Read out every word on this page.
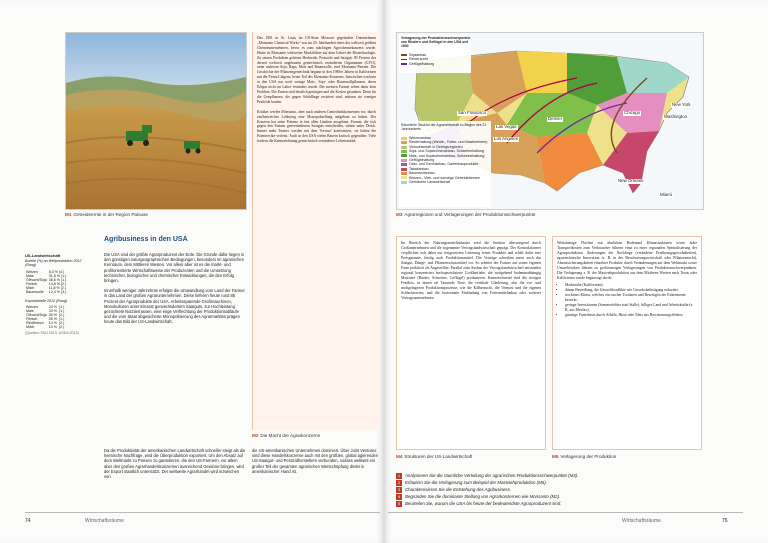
M1 Getreideernte in der Region Palouse
Agribusiness in den USA
US-Landwirtschaft
Anteile (%) an Weltproduktion 2012 (Rang)
Weizen	8,3 % (4.)
Mais	31,8 % (1.)
Ölfrucht/Soja	38,6 % (1.)
Fleisch	14,8 % (2.)
Milch	11,8 % (2.)
Baumwolle	12,4 % (3.)
Exportanteile 2012 (Rang)
Weizen	24 %	(1.)
Mais	33 %	(1.)
Ölfrucht/Soja	30 %	(2.)
Fleisch	26 %	(1.)
Rindfleisch	14 %	(2.)
Milch	10 %	(2.)
(Quellen: FAO 2013, USDA 2013)

Die USA sind der größte Agrarproduzent der Erde. Die Gründe dafür liegen in den günstigen naturgeographischen Bedingungen, besonders im agrarischen Kernraum, dem Mittleren Westen. Vor allem aber ist es die markt- und profitorientierte Wirtschaftsweise der Produzenten und die Umsetzung technischer, biologischer und chemischer Entwicklungen, die den Erfolg bringen.

Innerhalb weniger Jahrzehnte erfolgte die Umwandlung vom Land der Farmer in das Land der großen Agrarunternehmen. Diese lieferen heute rund 85 Prozent der Agrarprodukte der USA. Arbeitssparende Großmaschinen, Monokulturen unter Einsatz genverändertem Saatguts, zur Hochleistung gezüchtete Nutztierrassen, eine enge Verflechtung der Produktionsabläufe und die vom Staat abgesicherte Monopolisierung des Agrarmarktes prägen heute das Bild der US-Landwirtschaft.

Da die Produktivität der amerikanischen Landwirtschaft schneller steigt als die heimische Nachfrage, wird die Überproduktion exportiert. Um den Absatz auf dem Weltmarkt zu Preisen zu garantieren, die den US-Farmern, vor allem aber den großen Agrarhandelskonzernen ausreichend Gewinne bringen, wird der Export staatlich unterstützt. Der weltweite Agrarhandel wird inzwischen von
Das 1901 in St. Louis im US-Staat Missouri gegründete Unternehmen „Monsanto Chemical Works“ war im 20. Jahrhundert eines der weltweit größten Chemieunternehmen, bevor es zum mächtigen Agrochemiekonzern wurde. Heute ist Monsanto weltweiter Marktführer auf dem Gebiet der Biotechnologie. Zu seinen Produkten gehören Herbizide, Pestizide und Saatgut. 90 Prozent der derzeit weltweit angebauten gentechnisch veränderten Organismen (GVO), unter anderem Soja, Raps, Mais und Baumwolle, sind Monsanto-Patente. Die Geschichte der Pflanzengentechnik begann in den 1980er Jahren in Kalifornien mit der Firma Calgene, heute Teil des Monsanto-Konzerns. Inzwischen wachsen in den USA nur noch wenige Mais-, Soja- oder Baumwollpflanzen, deren Erbgut nicht im Labor verändert wurde. Die meisten Farmer sehen darin kein Problem. Die Ernten sind deutlich gestiegen und die Kosten gesunken. Denn für die Genpflanzen, die gegen Schädlinge resistent sind, müssen sie weniger Pestizide kaufen.
Kritiker werfen Monsanto, aber auch anderen Gentechnikkonzernen vor, durch einflussreiches Lobbying eine Monopolstellung aufgebaut zu haben. Der Konzern hat seine Präsenz in fast allen Ländern ausgebaut. Farmer, die sich gegen den Einsatz genveränderten Saatguts entscheiden, stehen unter Druck. Immer mehr Farmer werden mit dem Vorwurf konfrontiert, sie hätten die Patentrechte verletzt. Auch in den USA vielen Bauern kritisch gegenüber. Viele fordern die Kennzeichnung gentechnisch veränderter Lebensmittel.
M2 Die Macht der Agrarkonzerne
die US-amerikanischen Unternehmen dominiert. Über Joint Ventures sind diese Handelskonzerne auch mit den größten, global agierenden US-Saatgut- und Pestizidherstellern verbunden, sodass weltweit ein großer Teil der gesamten agrarischen Wertschöpfung direkt in amerikanischer Hand ist.
74	Wirtschaftsräume
Verlagerung der Produktionsschwerpunkte von Rindern und Geflügel in den USA seit 1930
Sojaanbau
Rinderzucht
Geflügelhaltung
Räumliche Struktur der Agrarwirtschaft zu Beginn des 21. Jahrhunderts
Weizenanbau
Rinderhaltung (Weide-, Futter- und Mastbetriebe)
Viehwirtschaft in Gebirgsregionen
Soja- und Sojabohnenanbau, Schweinehaltung
Mais- und Sojabohnenanbau, Schweinehaltung
Geflügelhaltung
Obst- und Gemüsebau, Gartenbauprodukte
Tabakanbau
Baumwollanbau
Weizen-, Vieh- und sonstige Getreidefarmen
Gemischte Landwirtschaft
San Francisco
Las Vegas
Los Angeles
Denver
Chicago
New York
Washington
New Orleans
Miami
M3 Agrarregionen und Verlagerungen der Produktionsschwerpunkte
Im Bereich der Nahrungsmittelindustrie wird die Struktur überwiegend durch Großunternehmen und die sogenannte Vertragslandwirtschaft geprägt. Der Kontraktfarmer verpflichtet sich dabei zur festgesetzten Lieferung seiner Produkte und erhält dafür eine Preisgarantie, häufig auch Produktionsmittel. Die Verträge schreiben meist auch das Saatgut, Dünge- und Pflanzenschutzmittel vor. So arbeitet der Farmer auf seiner eigenen Farm praktisch als Angestellter. Parallel zum Ausbau der Vertragslandwirtschaft entstanden regional konzentriert hochspezialisierte Großbetriebe, die weitgehend bodenunabhängig Masttiere (Rinder, Schweine, Geflügel) produzieren. Kennzeichnend sind die riesigen Feedlots, in denen oft Tausende Tiere, die vertikale Gliederung, also die vor- und nachgelagerten Produktionsprozesse, wie die Kälberzucht, die Vermast und die eigenen Schlachtereien, und die horizontale Einbindung von Futtermittelanbau oder weiterer Vertragsunternehmen.
M4 Strukturen der US-Landwirtschaft
Weiträumige Flächen mit ähnlichen Bodenund Klimastrukturen sowie hohe Transportkosten zum Verbraucher führten einst zu einer regionalen Spezialisierung der Agrarproduktion. Änderungen der Nachfrage (veränderte Ernährungsgewohnheiten), agrartechnische Innovation (z. B. in der Bewässerungswirtschaft oder Pflanzenzucht), Absatzsicherungsketten einzelner Produkte durch Veränderungen auf dem Weltmarkt sowie Umweltrisiken führten zu großräumigen Verlagerungen von Produktionsschwerpunkten. Die Verlagerung z. B. der Mastviehproduktion aus dem Mittleren Westen nach Texas oder Kalifornien wurde begünstigt durch:
• Marktnähe (Kalifornien);
• dünne Besiedlung, die Umweltkonflikte wie Geruchsbelästigung reduziert;
• trockenes Klima, welches ein rascher Trocknen und Beseitigen der Exkremente bewirkt;
• geringe Investitionen (Sommerfelder statt Ställe), billiges Land und Arbeitskräfte (z. B. aus Mexiko);
• günstige Futterbasis durch Alfalfa, Hirse oder Mais aus Bewässerungsfeldern.
M5 Verlagerung der Produktion
1	Analysieren Sie die räumliche Verteilung der agrarischen Produktionsschwerpunkte (M3).
2	Erläutern Sie die Verlagerung zum Beispiel der Mastviehproduktion (M5).
3	Charakterisieren Sie die Entstehung des Agribusiness.
4	Begründen Sie die dominante Stellung von Agrarkonzernen wie Monsanto (M2).
5	Beurteilen Sie, warum die USA bis heute der bedeutendste Agrarproduzent sind.
Wirtschaftsräume	75
